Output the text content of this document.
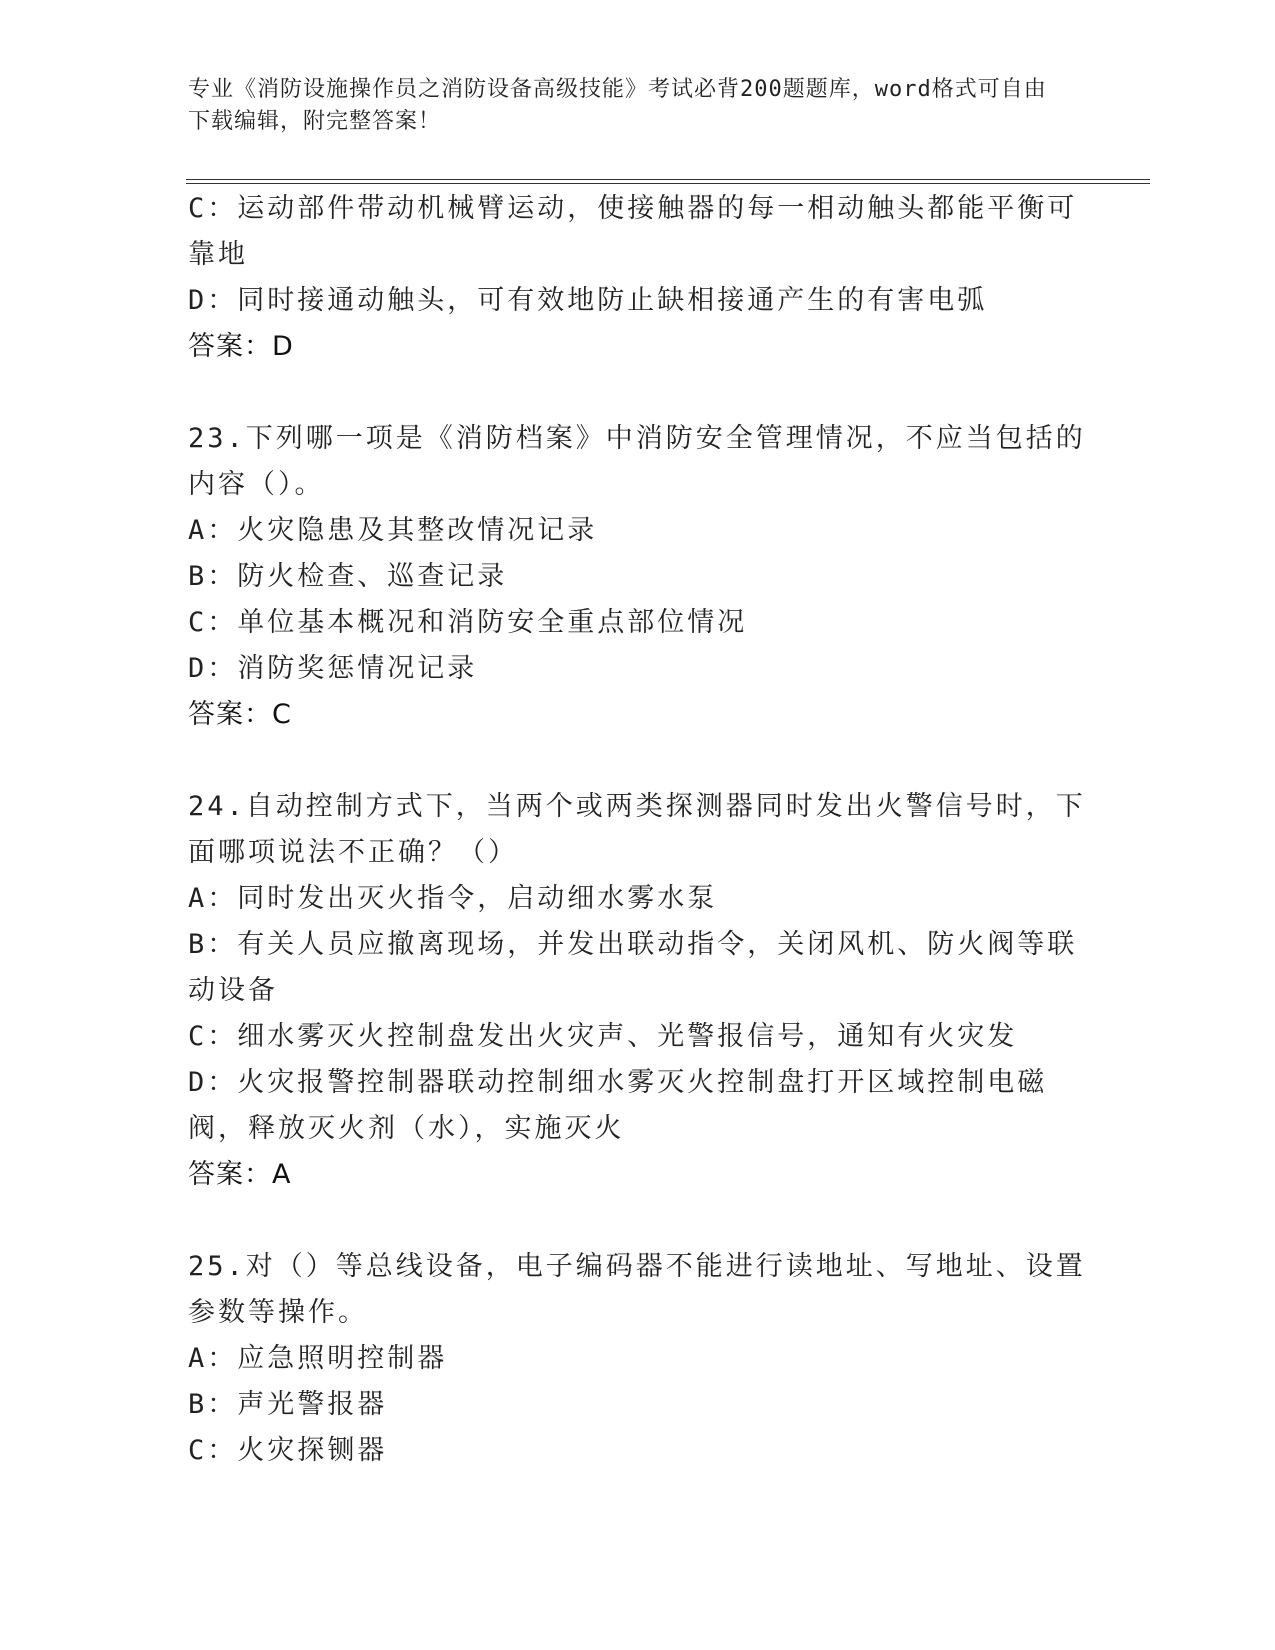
专业《消防设施操作员之消防设备高级技能》考试必背200题题库，word格式可自由下载编辑，附完整答案！
C：运动部件带动机械臂运动，使接触器的每一相动触头都能平衡可靠地
D：同时接通动触头，可有效地防止缺相接通产生的有害电弧
答案：D
23.下列哪一项是《消防档案》中消防安全管理情况，不应当包括的内容（）。
A：火灾隐患及其整改情况记录
B：防火检查、巡查记录
C：单位基本概况和消防安全重点部位情况
D：消防奖惩情况记录
答案：C
24.自动控制方式下，当两个或两类探测器同时发出火警信号时，下面哪项说法不正确？（）
A：同时发出灭火指令，启动细水雾水泵
B：有关人员应撤离现场，并发出联动指令，关闭风机、防火阀等联动设备
C：细水雾灭火控制盘发出火灾声、光警报信号，通知有火灾发
D：火灾报警控制器联动控制细水雾灭火控制盘打开区域控制电磁阀，释放灭火剂（水），实施灭火
答案：A
25.对（）等总线设备，电子编码器不能进行读地址、写地址、设置参数等操作。
A：应急照明控制器
B：声光警报器
C：火灾探铡器
